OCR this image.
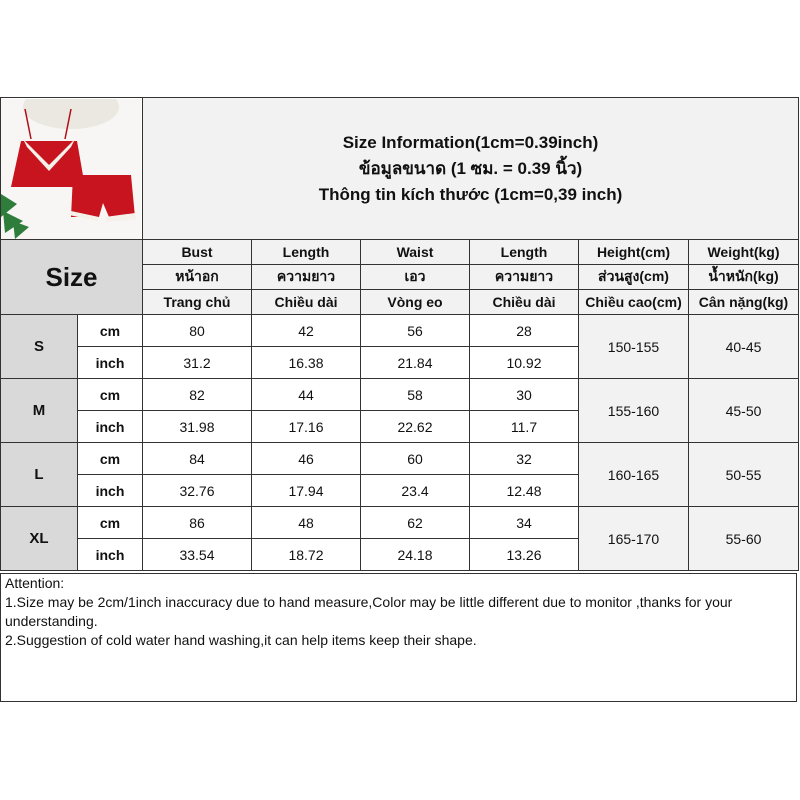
Size Information(1cm=0.39inch)
ข้อมูลขนาด (1 ซม. = 0.39 นิ้ว)
Thông tin kích thước (1cm=0,39 inch)					

Size		Bust	Length	Waist	Length	Height(cm)	Weight(kg)
		หน้าอก	ความยาว	เอว	ความยาว	ส่วนสูง(cm)	น้ำหนัก(kg)
		Trang chủ	Chiều dài	Vòng eo	Chiều dài	Chiều cao(cm)	Cân nặng(kg)
S	cm	80	42	56	28	150-155	40-45
	inch	31.2	16.38	21.84	10.92		
M	cm	82	44	58	30	155-160	45-50
	inch	31.98	17.16	22.62	11.7		
L	cm	84	46	60	32	160-165	50-55
	inch	32.76	17.94	23.4	12.48		
XL	cm	86	48	62	34	165-170	55-60
	inch	33.54	18.72	24.18	13.26		
Attention:
1.Size may be 2cm/1inch inaccuracy due to hand measure,Color may be little different due to monitor ,thanks for your understanding.
2.Suggestion of cold water hand washing,it can help items keep their shape.
